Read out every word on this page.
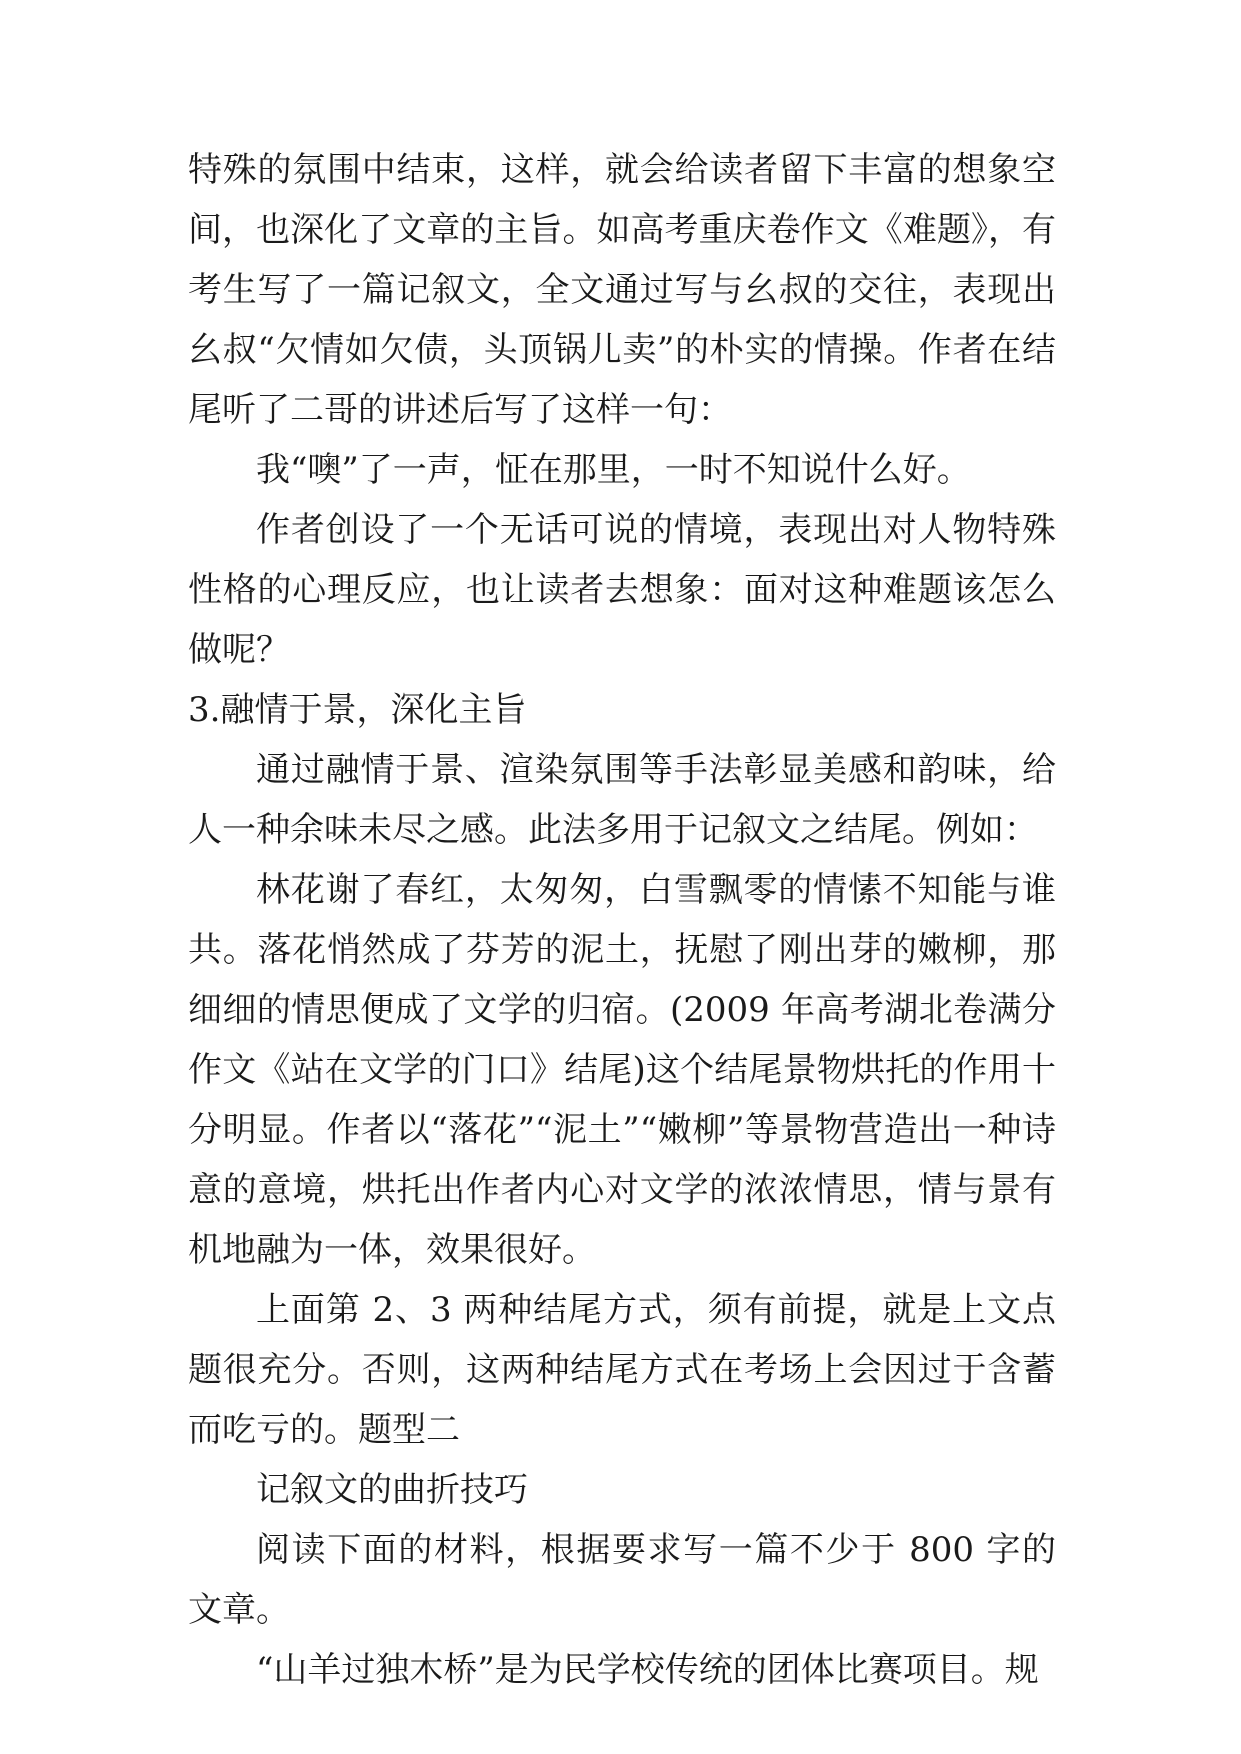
特殊的氛围中结束，这样，就会给读者留下丰富的想象空间，也深化了文章的主旨。如高考重庆卷作文《难题》，有考生写了一篇记叙文，全文通过写与幺叔的交往，表现出幺叔“欠情如欠债，头顶锅儿卖”的朴实的情操。作者在结尾听了二哥的讲述后写了这样一句：

我“噢”了一声，怔在那里，一时不知说什么好。

作者创设了一个无话可说的情境，表现出对人物特殊性格的心理反应，也让读者去想象：面对这种难题该怎么做呢？

3.融情于景，深化主旨

通过融情于景、渲染氛围等手法彰显美感和韵味，给人一种余味未尽之感。此法多用于记叙文之结尾。例如：

林花谢了春红，太匆匆，白雪飘零的情愫不知能与谁共。落花悄然成了芬芳的泥土，抚慰了刚出芽的嫩柳，那细细的情思便成了文学的归宿。(2009 年高考湖北卷满分作文《站在文学的门口》结尾)这个结尾景物烘托的作用十分明显。作者以“落花”“泥土”“嫩柳”等景物营造出一种诗意的意境，烘托出作者内心对文学的浓浓情思，情与景有机地融为一体，效果很好。

上面第 2、3 两种结尾方式，须有前提，就是上文点题很充分。否则，这两种结尾方式在考场上会因过于含蓄而吃亏的。题型二

记叙文的曲折技巧

阅读下面的材料，根据要求写一篇不少于 800 字的文章。

“山羊过独木桥”是为民学校传统的团体比赛项目。规
